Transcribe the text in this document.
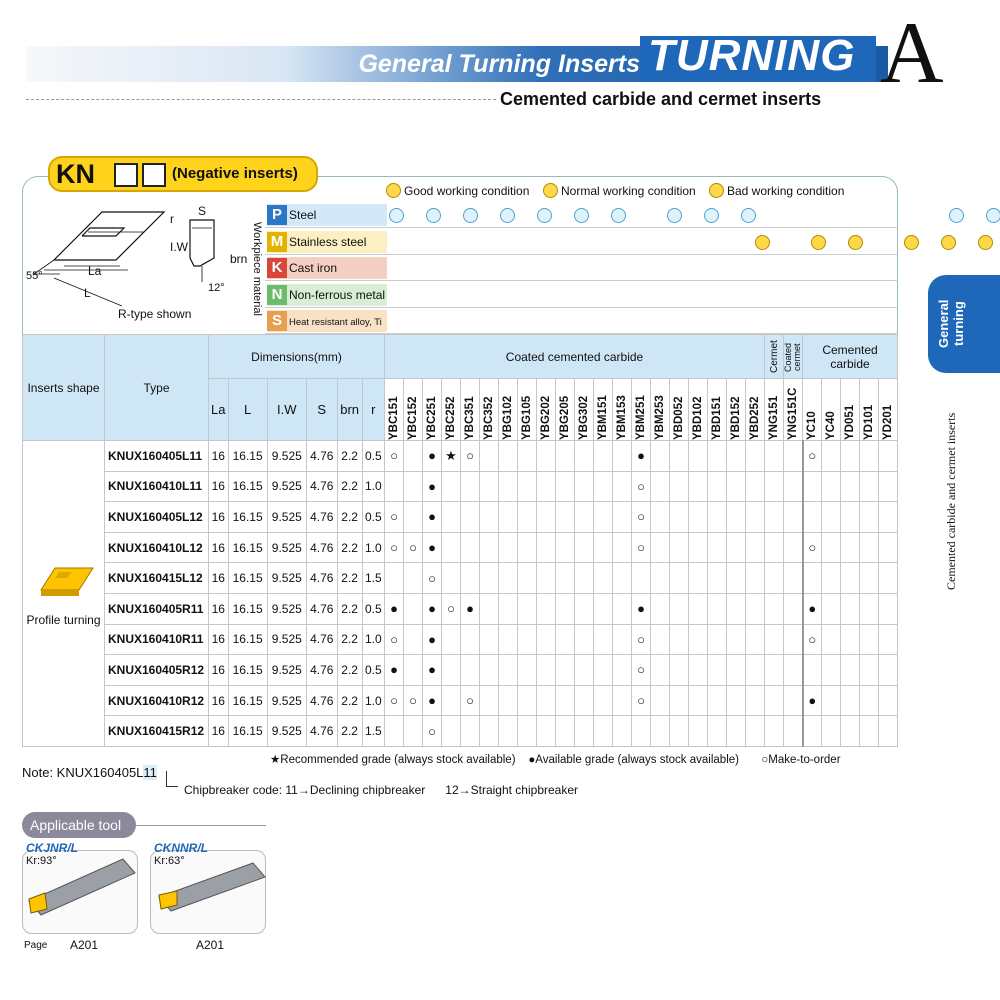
General Turning Inserts TURNING A
Cemented carbide and cermet inserts
KN	(Negative inserts)
Good working condition	Normal working condition	Bad working condition
r
S
I.W
brn
La
L
55°
12°
R-type shown	Workpiece material
P Steel
M Stainless steel
K Cast iron
N Non-ferrous metal
S Heat resistant alloy, Ti
Inserts shape	Type	Dimensions(mm)						Coated cemented carbide																				Cermet	Coated cermet	Cemented carbide				
		La	L	I.W	S	brn	r	YBC151	YBC152	YBC251	YBC252	YBC351	YBC352	YBG102	YBG105	YBG202	YBG205	YBG302	YBM151	YBM153	YBM251	YBM253	YBD052	YBD102	YBD151	YBD152	YBD252	YNG151	YNG151C	YC10	YC40	YD051	YD101	YD201

Profile turning	KNUX160405L11	16	16.15	9.525	4.76	2.2	0.5	○		●	★	○									●									○				
	KNUX160410L11	16	16.15	9.525	4.76	2.2	1.0			●											○													
	KNUX160405L12	16	16.15	9.525	4.76	2.2	0.5	○		●											○													
	KNUX160410L12	16	16.15	9.525	4.76	2.2	1.0	○	○	●											○									○				
	KNUX160415L12	16	16.15	9.525	4.76	2.2	1.5			○																								
	KNUX160405R11	16	16.15	9.525	4.76	2.2	0.5	●		●	○	●									●									●				
	KNUX160410R11	16	16.15	9.525	4.76	2.2	1.0	○		●											○									○				
	KNUX160405R12	16	16.15	9.525	4.76	2.2	0.5	●		●											○													
	KNUX160410R12	16	16.15	9.525	4.76	2.2	1.0	○	○	●		○									○									●				
	KNUX160415R12	16	16.15	9.525	4.76	2.2	1.5			○																								
General turning
Cemented carbide and cermet inserts
★Recommended grade (always stock available) ●Available grade (always stock available) ○Make-to-order
Note: KNUX160405L11
Chipbreaker code: 11→Declining chipbreaker 12→Straight chipbreaker
Applicable tool
CKJNR/L
Kr:93°
CKNNR/L
Kr:63°
Page	A201	A201
